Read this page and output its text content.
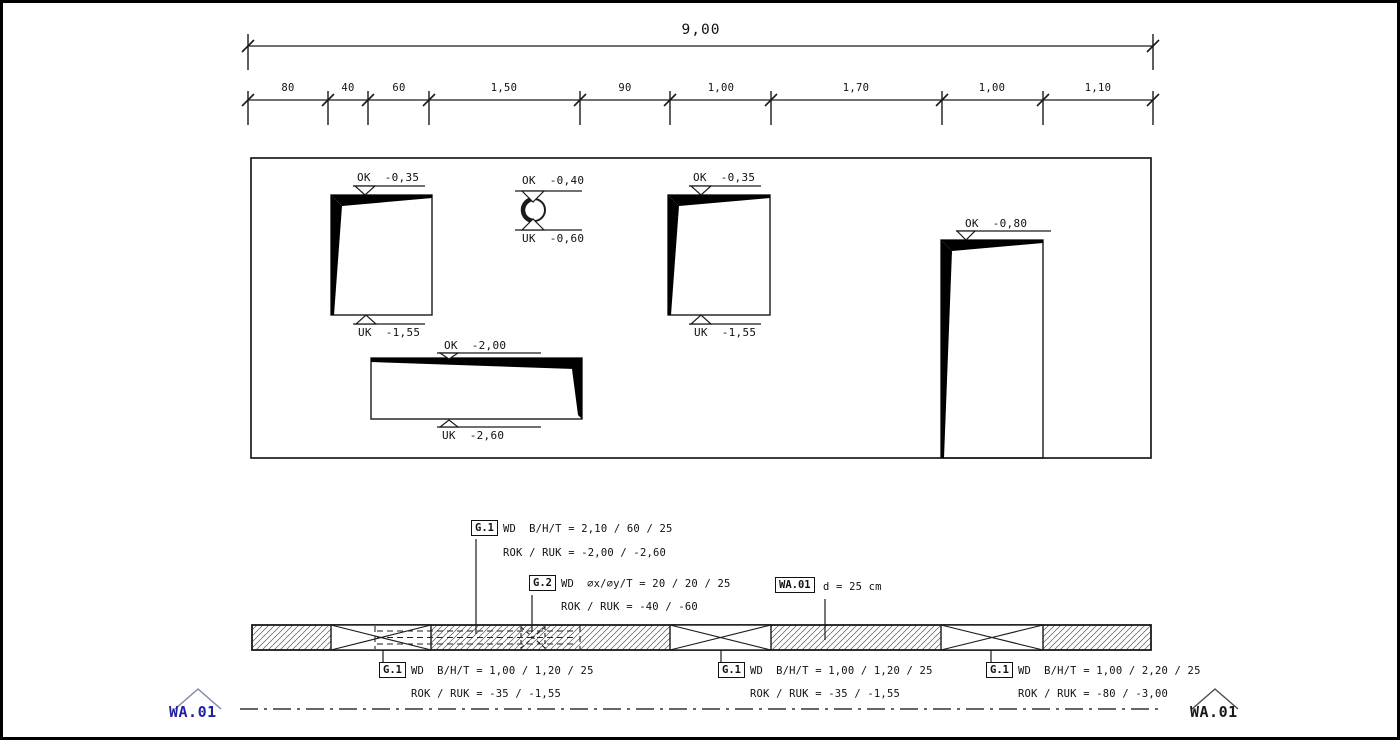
9,00
80	40	60	1,50	90	1,00	1,70	1,00	1,10
OK  -0,35
UK  -1,55
OK  -0,40
UK  -0,60
OK  -0,35
UK  -1,55
OK  -2,00
UK  -2,60
OK  -0,80
G.1 WD  B/H/T = 2,10 / 60 / 25
ROK / RUK = -2,00 / -2,60
G.2 WD  ∅x/∅y/T = 20 / 20 / 25
ROK / RUK = -40 / -60
WA.01	d = 25 cm
G.1 WD  B/H/T = 1,00 / 1,20 / 25
ROK / RUK = -35 / -1,55
G.1 WD  B/H/T = 1,00 / 1,20 / 25
ROK / RUK = -35 / -1,55
G.1 WD  B/H/T = 1,00 / 2,20 / 25
ROK / RUK = -80 / -3,00
WA.01	WA.01
